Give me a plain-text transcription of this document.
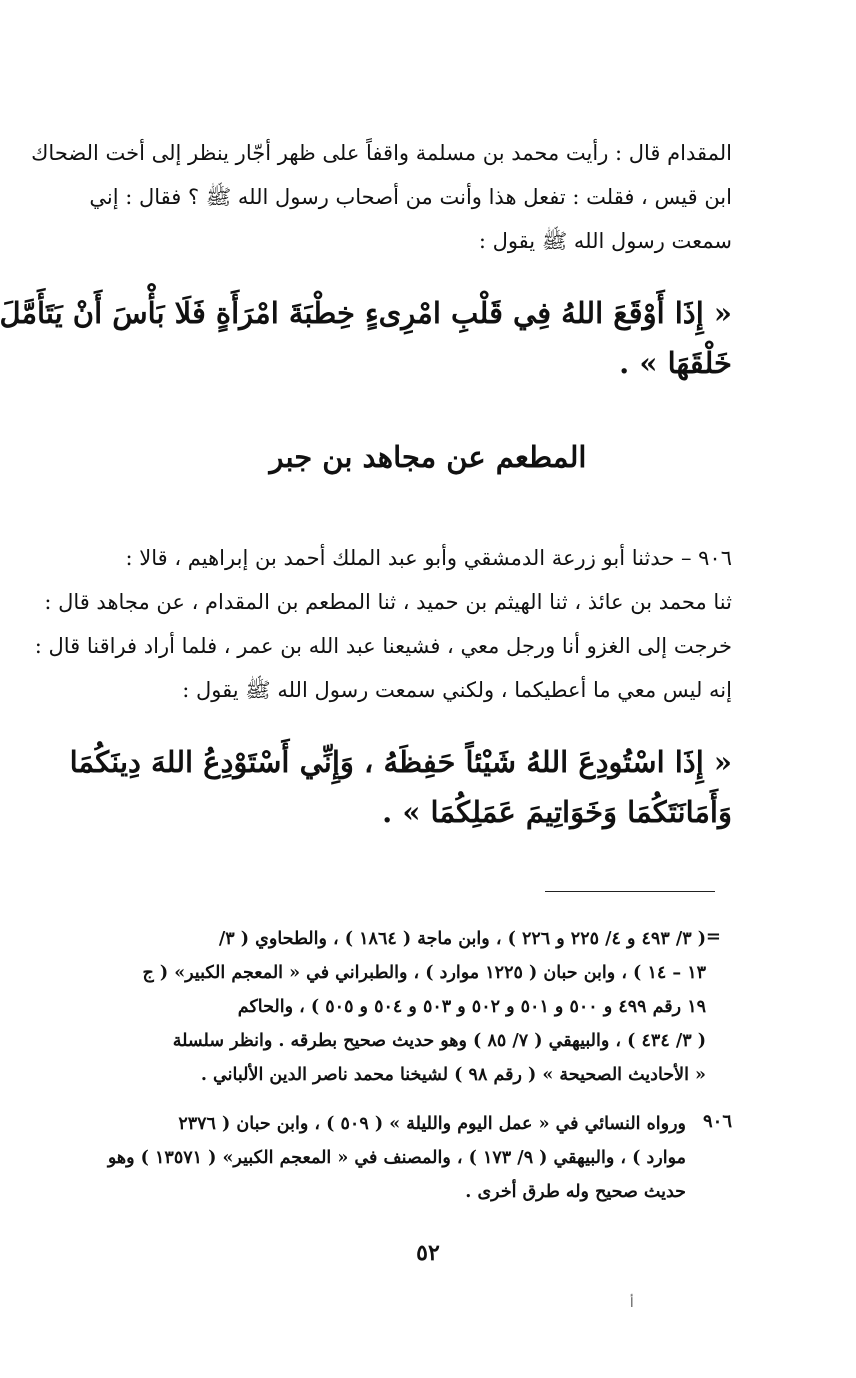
المقدام قال : رأيت محمد بن مسلمة واقفاً على ظهر أجّار ينظر إلى أخت الضحاك
ابن قيس ، فقلت : تفعل هذا وأنت من أصحاب رسول الله ﷺ ؟ فقال : إني
سمعت رسول الله ﷺ يقول :
« إِذَا أَوْقَعَ اللهُ فِي قَلْبِ امْرِىءٍ خِطْبَةَ امْرَأَةٍ فَلَا بَأْسَ أَنْ يَتَأَمَّلَ
خَلْقَهَا » .
المطعم عن مجاهد بن جبر
٩٠٦ – حدثنا أبو زرعة الدمشقي وأبو عبد الملك أحمد بن إبراهيم ، قالا :
ثنا محمد بن عائذ ، ثنا الهيثم بن حميد ، ثنا المطعم بن المقدام ، عن مجاهد قال :
خرجت إلى الغزو أنا ورجل معي ، فشيعنا عبد الله بن عمر ، فلما أراد فراقنا قال :
إنه ليس معي ما أعطيكما ، ولكني سمعت رسول الله ﷺ يقول :
« إِذَا اسْتُودِعَ اللهُ شَيْئاً حَفِظَهُ ، وَإِنِّي أَسْتَوْدِعُ اللهَ دِينَكُمَا
وَأَمَانَتَكُمَا وَخَوَاتِيمَ عَمَلِكُمَا » .
=
( ٣/ ٤٩٣ و ٤/ ٢٢٥ و ٢٢٦ ) ، وابن ماجة ( ١٨٦٤ ) ، والطحاوي ( ٣/
١٣ – ١٤ ) ، وابن حبان ( ١٢٢٥ موارد ) ، والطبراني في « المعجم الكبير» ( ج
١٩ رقم ٤٩٩ و ٥٠٠ و ٥٠١ و ٥٠٢ و ٥٠٣ و ٥٠٤ و ٥٠٥ ) ، والحاكم
( ٣/ ٤٣٤ ) ، والبيهقي ( ٧/ ٨٥ ) وهو حديث صحيح بطرقه . وانظر سلسلة
« الأحاديث الصحيحة » ( رقم ٩٨ ) لشيخنا محمد ناصر الدين الألباني .
٩٠٦
ورواه النسائي في « عمل اليوم والليلة » ( ٥٠٩ ) ، وابن حبان ( ٢٣٧٦
موارد ) ، والبيهقي ( ٩/ ١٧٣ ) ، والمصنف في « المعجم الكبير» ( ١٣٥٧١ ) وهو
حديث صحيح وله طرق أخرى .
٥٢
أ
